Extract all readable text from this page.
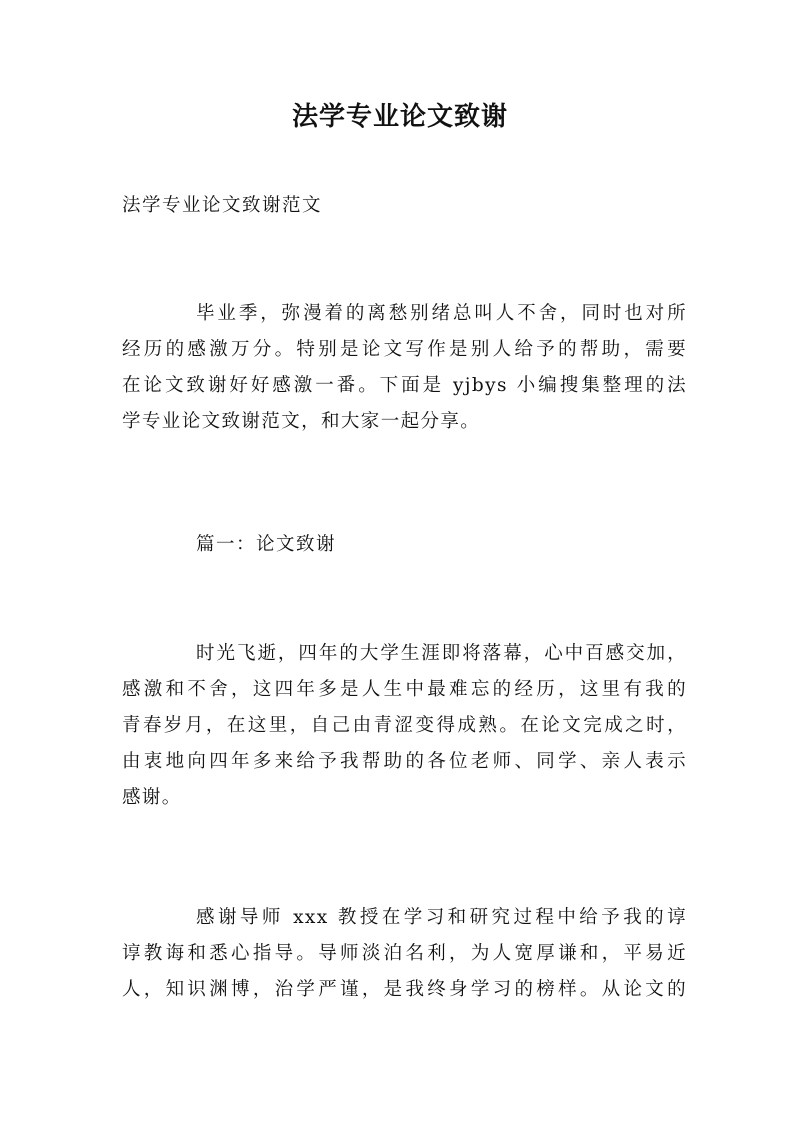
法学专业论文致谢
法学专业论文致谢范文
毕业季，弥漫着的离愁别绪总叫人不舍，同时也对所
经历的感激万分。特别是论文写作是别人给予的帮助，需要
在论文致谢好好感激一番。下面是 yjbys 小编搜集整理的法
学专业论文致谢范文，和大家一起分享。
篇一：论文致谢
时光飞逝，四年的大学生涯即将落幕，心中百感交加，
感激和不舍，这四年多是人生中最难忘的经历，这里有我的
青春岁月，在这里，自己由青涩变得成熟。在论文完成之时，
由衷地向四年多来给予我帮助的各位老师、同学、亲人表示
感谢。
感谢导师 xxx 教授在学习和研究过程中给予我的谆
谆教诲和悉心指导。导师淡泊名利，为人宽厚谦和，平易近
人，知识渊博，治学严谨，是我终身学习的榜样。从论文的
